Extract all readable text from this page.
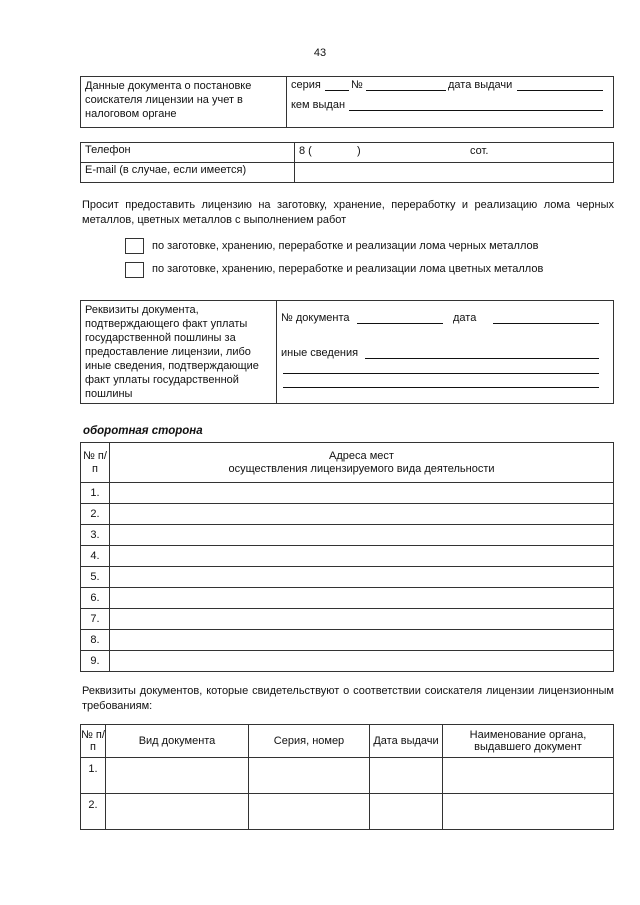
43
Данные документа о постановке соискателя лицензии на учет в налоговом органе

серия	№	дата выдачи
кем выдан
Телефон	8 ( ) сот.

E-mail (в случае, если имеется)	
Просит предоставить лицензию на заготовку, хранение, переработку и реализацию лома черных металлов, цветных металлов с выполнением работ
по заготовке, хранению, переработке и реализации лома черных металлов
по заготовке, хранению, переработке и реализации лома цветных металлов
Реквизиты документа, подтверждающего факт уплаты государственной пошлины за предоставление лицензии, либо иные сведения, подтверждающие факт уплаты государственной пошлины

№ документа	дата
иные сведения
оборотная сторона
№ п/п	Адреса мест
осуществления лицензируемого вида деятельности

1.	
2.	
3.	
4.	
5.	
6.	
7.	
8.	
9.	
Реквизиты документов, которые свидетельствуют о соответствии соискателя лицензии лицензионным требованиям:
№ п/п	Вид документа	Серия, номер	Дата выдачи	Наименование органа, выдавшего документ
1.				
2.				
